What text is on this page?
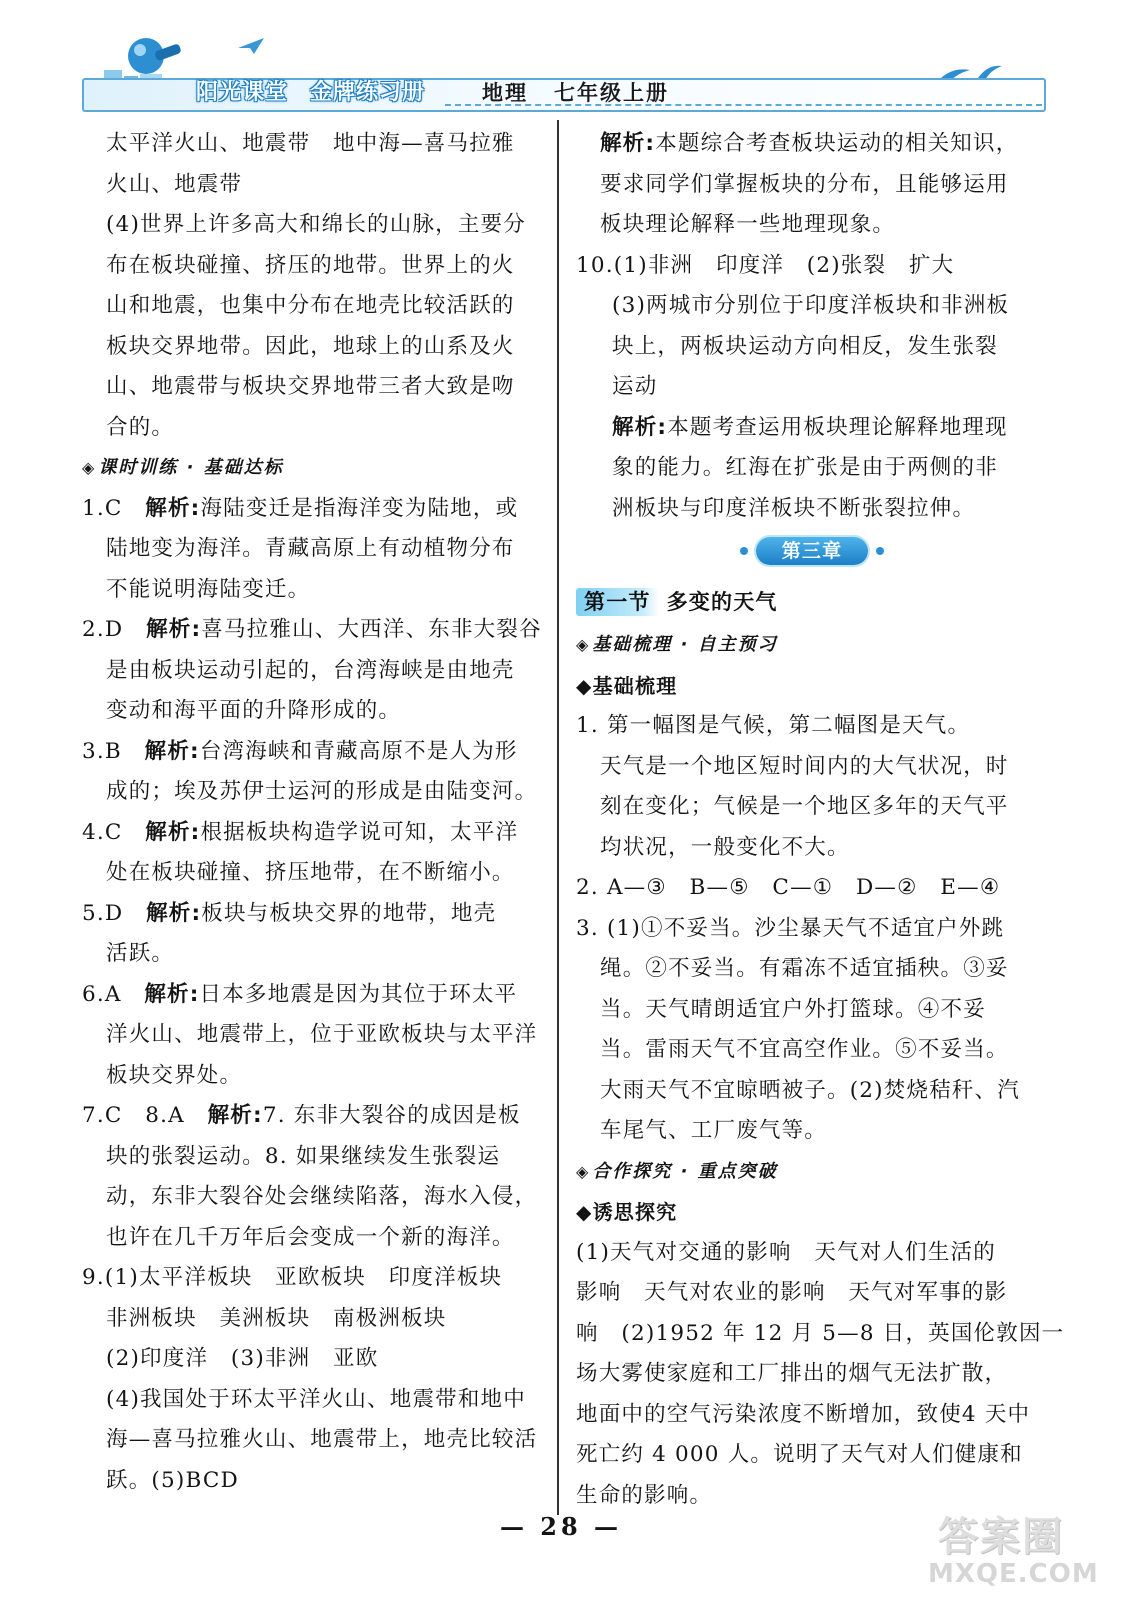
阳光课堂 金牌练习册	地理 七年级上册
太平洋火山、地震带　地中海—喜马拉雅
火山、地震带
(4)世界上许多高大和绵长的山脉，主要分
布在板块碰撞、挤压的地带。世界上的火
山和地震，也集中分布在地壳比较活跃的
板块交界地带。因此，地球上的山系及火
山、地震带与板块交界地带三者大致是吻
合的。
◈ 课时训练 · 基础达标
1.C　 解析:海陆变迁是指海洋变为陆地，或
陆地变为海洋。青藏高原上有动植物分布
不能说明海陆变迁。
2.D　 解析:喜马拉雅山、大西洋、东非大裂谷
是由板块运动引起的，台湾海峡是由地壳
变动和海平面的升降形成的。
3.B　 解析:台湾海峡和青藏高原不是人为形
成的；埃及苏伊士运河的形成是由陆变河。
4.C　 解析:根据板块构造学说可知，太平洋
处在板块碰撞、挤压地带，在不断缩小。
5.D　 解析:板块与板块交界的地带，地壳
活跃。
6.A　 解析:日本多地震是因为其位于环太平
洋火山、地震带上，位于亚欧板块与太平洋
板块交界处。
7.C　8.A　 解析:7. 东非大裂谷的成因是板
块的张裂运动。8. 如果继续发生张裂运
动，东非大裂谷处会继续陷落，海水入侵，
也许在几千万年后会变成一个新的海洋。
9.(1)太平洋板块　亚欧板块　印度洋板块
非洲板块　美洲板块　南极洲板块
(2)印度洋　(3)非洲　亚欧
(4)我国处于环太平洋火山、地震带和地中
海—喜马拉雅火山、地震带上，地壳比较活
跃。(5)BCD
解析:本题综合考查板块运动的相关知识，
要求同学们掌握板块的分布，且能够运用
板块理论解释一些地理现象。
10.(1)非洲　印度洋　(2)张裂　扩大
(3)两城市分别位于印度洋板块和非洲板
块上，两板块运动方向相反，发生张裂
运动
解析:本题考查运用板块理论解释地理现
象的能力。红海在扩张是由于两侧的非
洲板块与印度洋板块不断张裂拉伸。
第三章
第一节 多变的天气
◈ 基础梳理 · 自主预习
◆基础梳理
1. 第一幅图是气候，第二幅图是天气。
天气是一个地区短时间内的大气状况，时
刻在变化；气候是一个地区多年的天气平
均状况，一般变化不大。
2. A—③　B—⑤　C—①　D—②　E—④
3. (1)①不妥当。沙尘暴天气不适宜户外跳
绳。②不妥当。有霜冻不适宜插秧。③妥
当。天气晴朗适宜户外打篮球。④不妥
当。雷雨天气不宜高空作业。⑤不妥当。
大雨天气不宜晾晒被子。(2)焚烧秸秆、汽
车尾气、工厂废气等。
◈ 合作探究 · 重点突破
◆诱思探究
(1)天气对交通的影响　天气对人们生活的
影响　天气对农业的影响　天气对军事的影
响　(2)1952 年 12 月 5—8 日，英国伦敦因一
场大雾使家庭和工厂排出的烟气无法扩散，
地面中的空气污染浓度不断增加，致使4 天中
死亡约 4 000 人。说明了天气对人们健康和
生命的影响。
— 28 —	答案圈
MXQE.COM
